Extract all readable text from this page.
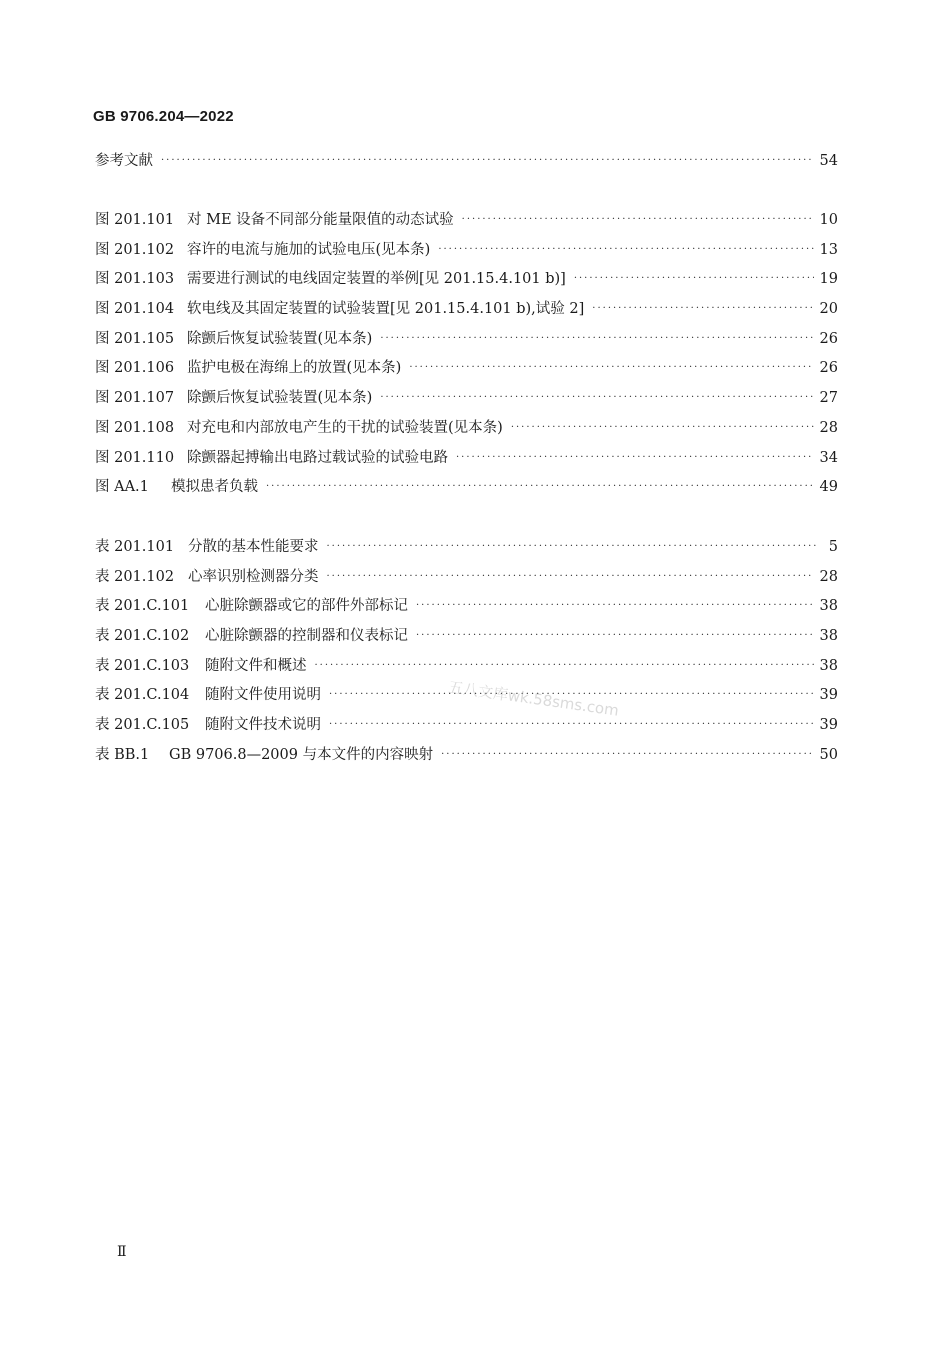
GB 9706.204—2022
参考文献 ·····	54
图 201.101 对 ME 设备不同部分能量限值的动态试验 ·····	10
图 201.102 容许的电流与施加的试验电压(见本条) ·····	13
图 201.103 需要进行测试的电线固定装置的举例[见 201.15.4.101 b)] ·····	19
图 201.104 软电线及其固定装置的试验装置[见 201.15.4.101 b),试验 2] ·····	20
图 201.105 除颤后恢复试验装置(见本条) ·····	26
图 201.106 监护电极在海绵上的放置(见本条) ·····	26
图 201.107 除颤后恢复试验装置(见本条) ·····	27
图 201.108 对充电和内部放电产生的干扰的试验装置(见本条) ·····	28
图 201.110 除颤器起搏输出电路过载试验的试验电路 ·····	34
图 AA.1	模拟患者负载 ·····	49
表 201.101 分散的基本性能要求 ·····	5
表 201.102 心率识别检测器分类 ·····	28
表 201.C.101	心脏除颤器或它的部件外部标记 ·····	38
表 201.C.102	心脏除颤器的控制器和仪表标记 ·····	38
表 201.C.103	随附文件和概述 ·····	38
表 201.C.104	随附文件使用说明 ·····	39
表 201.C.105	随附文件技术说明 ·····	39
表 BB.1	GB 9706.8—2009 与本文件的内容映射 ·····	50
五八文库wk.58sms.com
Ⅱ
